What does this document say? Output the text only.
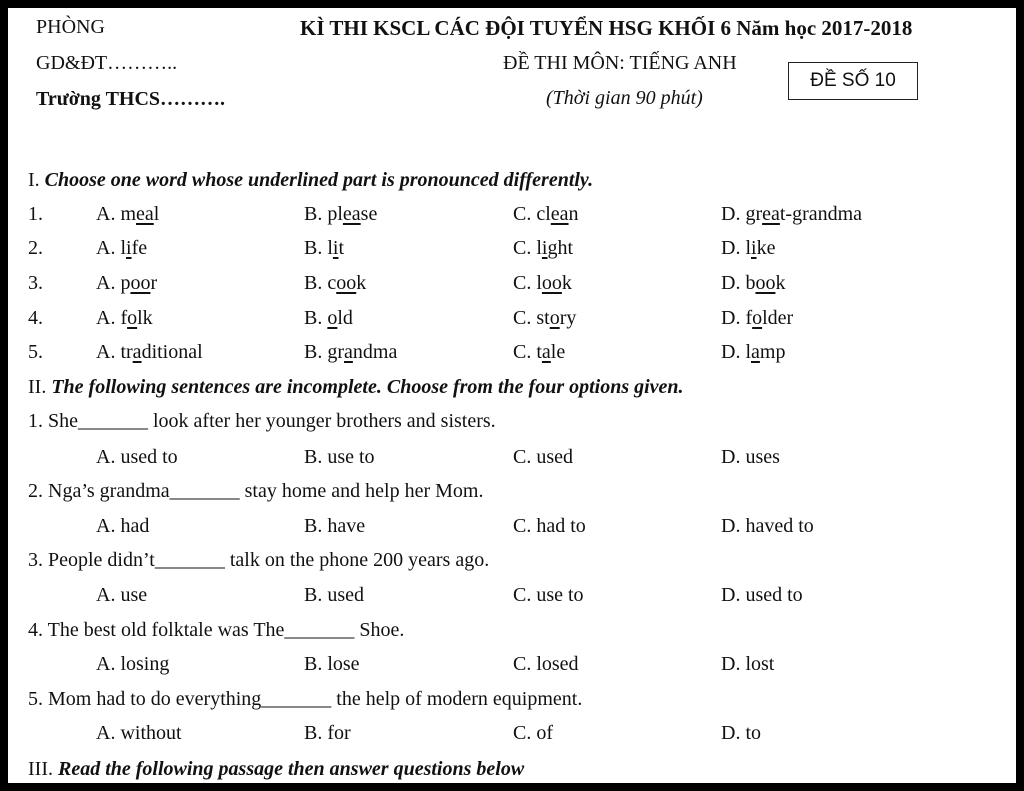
PHÒNG
GD&ĐT………..
Trường THCS……….
KÌ THI KSCL CÁC ĐỘI TUYỂN HSG KHỐI 6 Năm học 2017-2018
ĐỀ THI MÔN: TIẾNG ANH
(Thời gian 90 phút)
ĐỀ SỐ 10
I. Choose one word whose underlined part is pronounced differently.
1.	A. meal	B. please	C. clean	D. great-grandma
2.	A. life	B. lit	C. light	D. like
3.	A. poor	B. cook	C. look	D. book
4.	A. folk	B. old	C. story	D. folder
5.	A. traditional	B. grandma	C. tale	D. lamp
II. The following sentences are incomplete. Choose from the four options given.
1. She_______ look after her younger brothers and sisters.
A. used to	B. use to	C. used	D. uses
2. Nga’s grandma_______ stay home and help her Mom.
A. had	B. have	C. had to	D. haved to
3. People didn’t_______ talk on the phone 200 years ago.
A. use	B. used	C. use to	D. used to
4. The best old folktale was The_______ Shoe.
A. losing	B. lose	C. losed	D. lost
5. Mom had to do everything_______ the help of modern equipment.
A. without	B. for	C. of	D. to
III. Read the following passage then answer questions below
